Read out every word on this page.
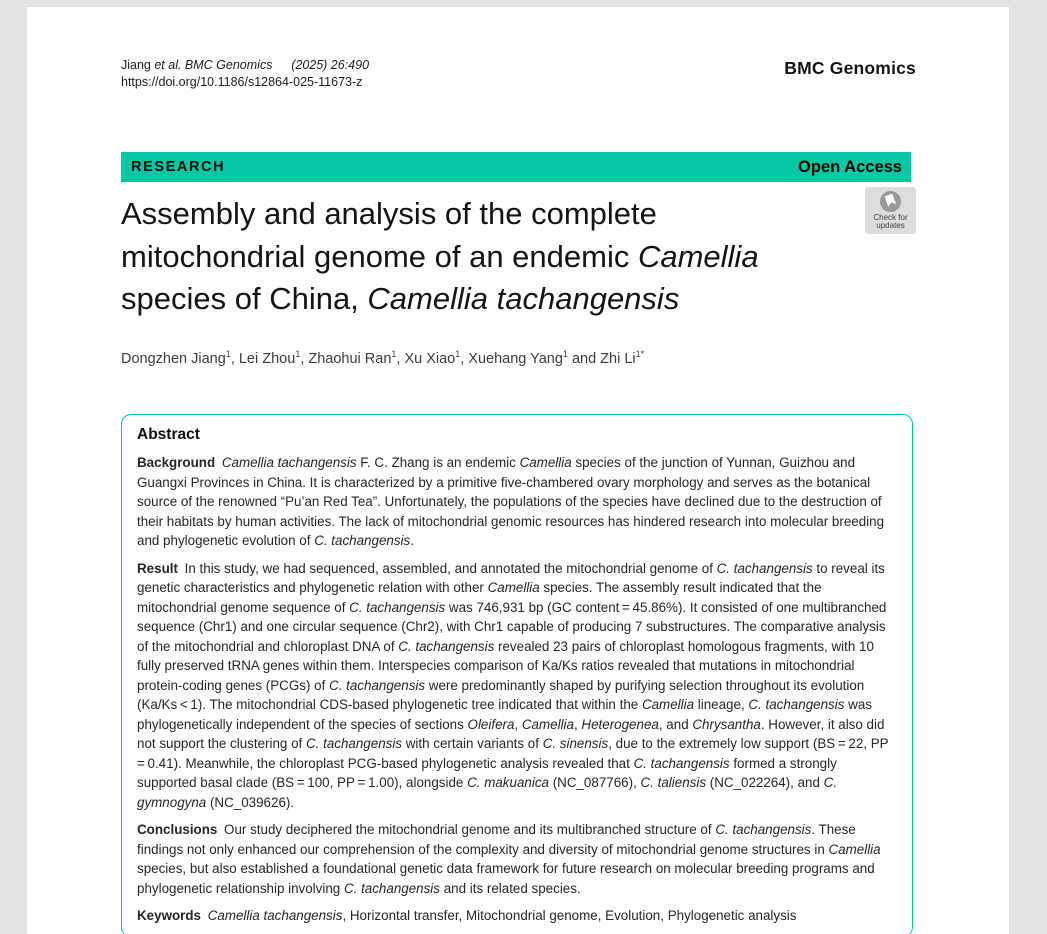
Jiang et al. BMC Genomics   (2025) 26:490
https://doi.org/10.1186/s12864-025-11673-z
BMC Genomics
RESEARCH	Open Access
Assembly and analysis of the complete
mitochondrial genome of an endemic Camellia
species of China, Camellia tachangensis
Check for
updates
Dongzhen Jiang$^1$, Lei Zhou$^1$, Zhaohui Ran$^1$, Xu Xiao$^1$, Xuehang Yang$^1$ and Zhi $Li^{1*}$
Abstract

Background  Camellia tachangensis F. C. Zhang is an endemic Camellia species of the junction of Yunnan, Guizhou and Guangxi Provinces in China. It is characterized by a primitive five-chambered ovary morphology and serves as the botanical source of the renowned “Pu’an Red Tea”. Unfortunately, the populations of the species have declined due to the destruction of their habitats by human activities. The lack of mitochondrial genomic resources has hindered research into molecular breeding and phylogenetic evolution of C. tachangensis.

Result In this study, we had sequenced, assembled, and annotated the mitochondrial genome of C. tachangensis to reveal its genetic characteristics and phylogenetic relation with other Camellia species. The assembly result indicated that the mitochondrial genome sequence of C. tachangensis was 746,931 bp (GC content = 45.86%). It consisted of one multibranched sequence (Chr1) and one circular sequence (Chr2), with Chr1 capable of producing 7 substructures. The comparative analysis of the mitochondrial and chloroplast DNA of C. tachangensis revealed 23 pairs of chloroplast homologous fragments, with 10 fully preserved tRNA genes within them. Interspecies comparison of Ka/Ks ratios revealed that mutations in mitochondrial protein-coding genes (PCGs) of C. tachangensis were predominantly shaped by purifying selection throughout its evolution (Ka/Ks < 1). The mitochondrial CDS-based phylogenetic tree indicated that within the Camellia lineage, C. tachangensis was phylogenetically independent of the species of sections Oleifera, Camellia, Heterogenea, and Chrysantha. However, it also did not support the clustering of C. tachangensis with certain variants of C. sinensis, due to the extremely low support (BS = 22, PP = 0.41). Meanwhile, the chloroplast PCG-based phylogenetic analysis revealed that C. tachangensis formed a strongly supported basal clade (BS = 100, PP = 1.00), alongside C. makuanica (NC_087766), C. taliensis (NC_022264), and C. gymnogyna (NC_039626).

Conclusions Our study deciphered the mitochondrial genome and its multibranched structure of C. tachangensis. These findings not only enhanced our comprehension of the complexity and diversity of mitochondrial genome structures in Camellia species, but also established a foundational genetic data framework for future research on molecular breeding programs and phylogenetic relationship involving C. tachangensis and its related species.

Keywords  Camellia tachangensis, Horizontal transfer, Mitochondrial genome, Evolution, Phylogenetic analysis
